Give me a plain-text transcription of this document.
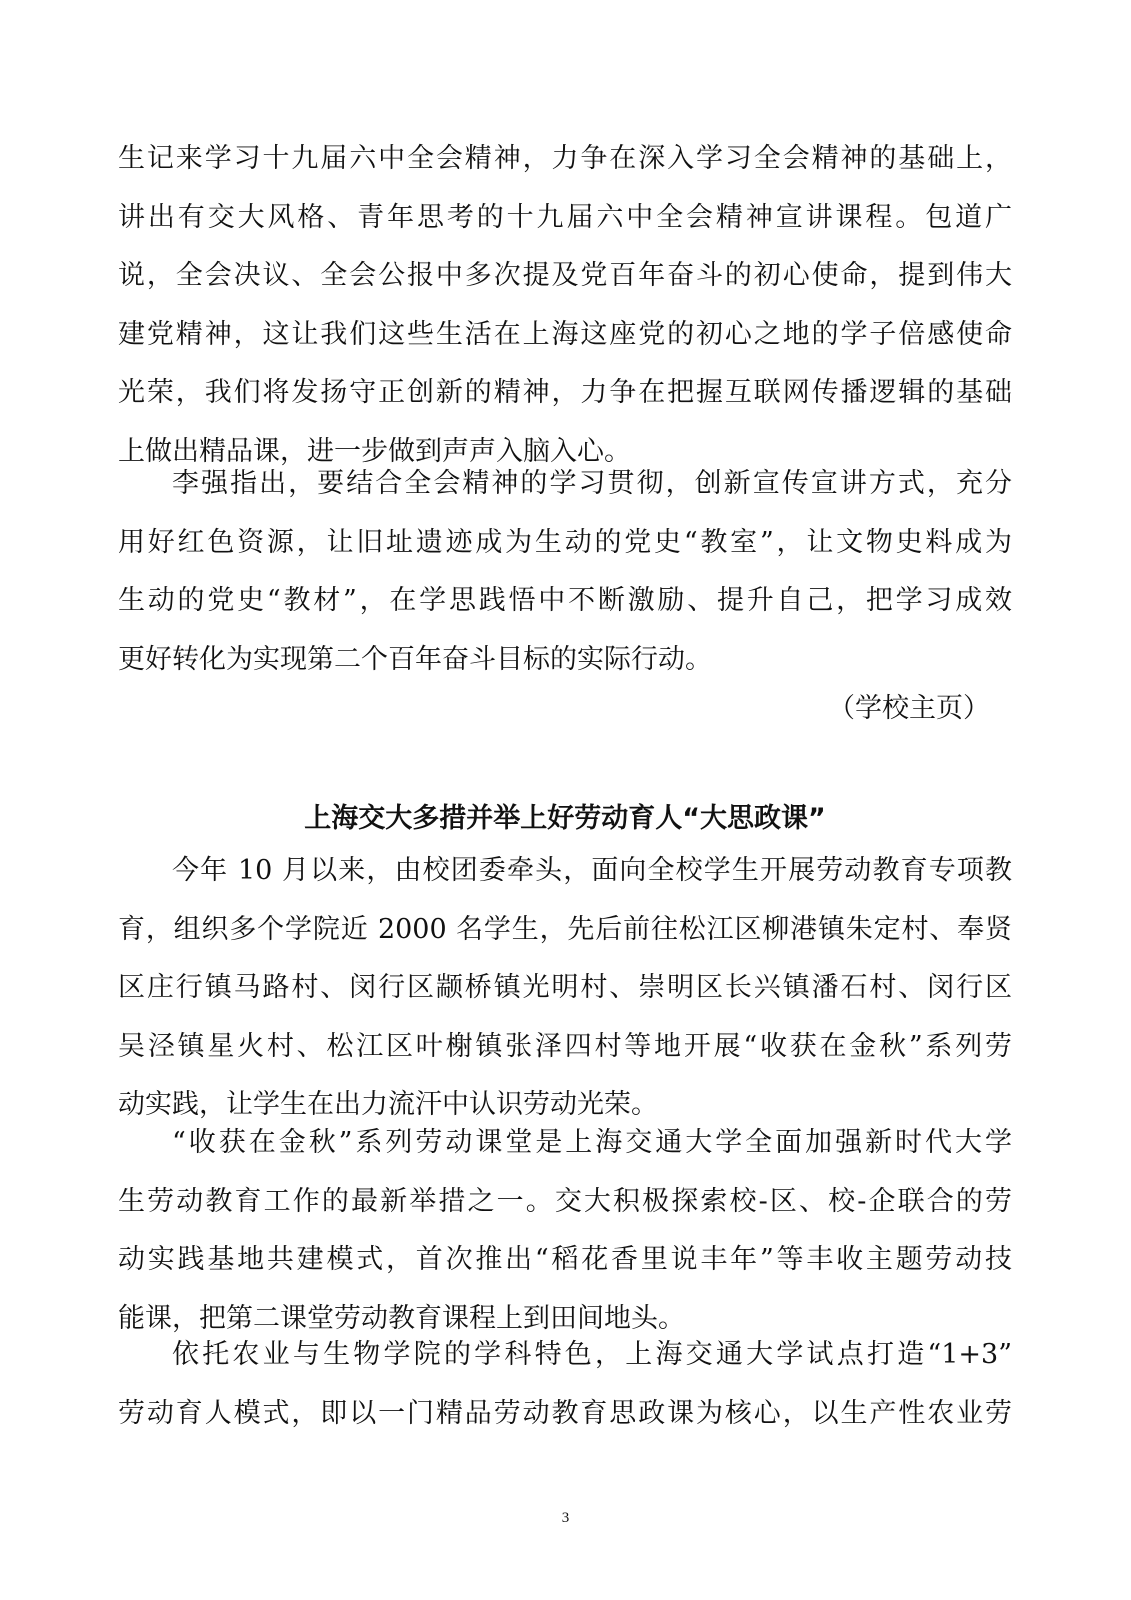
生记来学习十九届六中全会精神，力争在深入学习全会精神的基础上，
讲出有交大风格、青年思考的十九届六中全会精神宣讲课程。包道广
说，全会决议、全会公报中多次提及党百年奋斗的初心使命，提到伟大
建党精神，这让我们这些生活在上海这座党的初心之地的学子倍感使命
光荣，我们将发扬守正创新的精神，力争在把握互联网传播逻辑的基础
上做出精品课，进一步做到声声入脑入心。
李强指出，要结合全会精神的学习贯彻，创新宣传宣讲方式，充分
用好红色资源，让旧址遗迹成为生动的党史“教室”，让文物史料成为
生动的党史“教材”，在学思践悟中不断激励、提升自己，把学习成效
更好转化为实现第二个百年奋斗目标的实际行动。
（学校主页）
上海交大多措并举上好劳动育人“大思政课”
今年 10 月以来，由校团委牵头，面向全校学生开展劳动教育专项教
育，组织多个学院近 2000 名学生，先后前往松江区柳港镇朱定村、奉贤
区庄行镇马路村、闵行区颛桥镇光明村、崇明区长兴镇潘石村、闵行区
吴泾镇星火村、松江区叶榭镇张泽四村等地开展“收获在金秋”系列劳
动实践，让学生在出力流汗中认识劳动光荣。
“收获在金秋”系列劳动课堂是上海交通大学全面加强新时代大学
生劳动教育工作的最新举措之一。交大积极探索校-区、校-企联合的劳
动实践基地共建模式，首次推出“稻花香里说丰年”等丰收主题劳动技
能课，把第二课堂劳动教育课程上到田间地头。
依托农业与生物学院的学科特色，上海交通大学试点打造“1+3”
劳动育人模式，即以一门精品劳动教育思政课为核心，以生产性农业劳
3
